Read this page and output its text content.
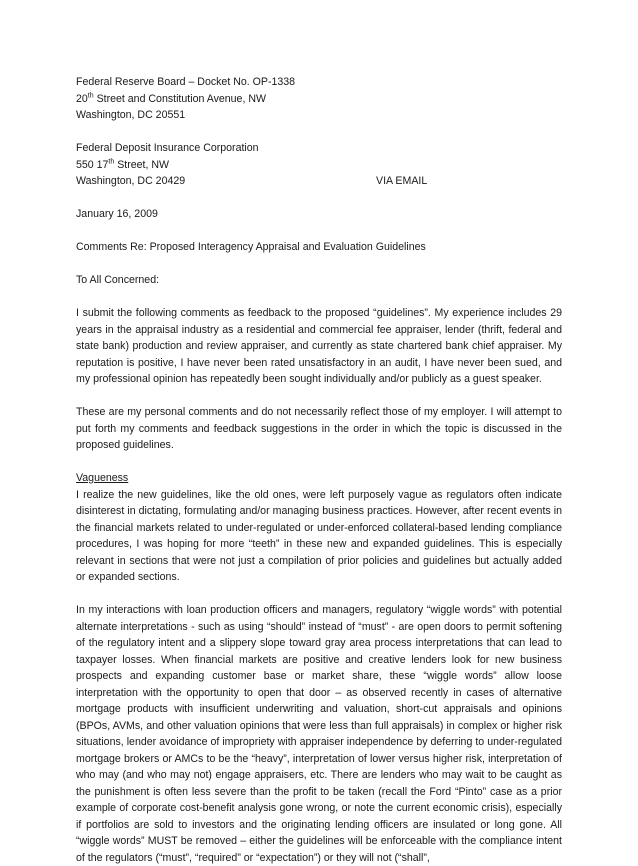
Federal Reserve Board – Docket No. OP-1338
20th Street and Constitution Avenue, NW
Washington, DC 20551
Federal Deposit Insurance Corporation
550 17th Street, NW
Washington, DC 20429	VIA EMAIL
January 16, 2009
Comments Re: Proposed Interagency Appraisal and Evaluation Guidelines
To All Concerned:

I submit the following comments as feedback to the proposed “guidelines”. My experience includes 29 years in the appraisal industry as a residential and commercial fee appraiser, lender (thrift, federal and state bank) production and review appraiser, and currently as state chartered bank chief appraiser. My reputation is positive, I have never been rated unsatisfactory in an audit, I have never been sued, and my professional opinion has repeatedly been sought individually and/or publicly as a guest speaker.

These are my personal comments and do not necessarily reflect those of my employer. I will attempt to put forth my comments and feedback suggestions in the order in which the topic is discussed in the proposed guidelines.

Vagueness

I realize the new guidelines, like the old ones, were left purposely vague as regulators often indicate disinterest in dictating, formulating and/or managing business practices. However, after recent events in the financial markets related to under-regulated or under-enforced collateral-based lending compliance procedures, I was hoping for more “teeth” in these new and expanded guidelines. This is especially relevant in sections that were not just a compilation of prior policies and guidelines but actually added or expanded sections.

In my interactions with loan production officers and managers, regulatory “wiggle words” with potential alternate interpretations - such as using “should” instead of “must” - are open doors to permit softening of the regulatory intent and a slippery slope toward gray area process interpretations that can lead to taxpayer losses. When financial markets are positive and creative lenders look for new business prospects and expanding customer base or market share, these “wiggle words” allow loose interpretation with the opportunity to open that door – as observed recently in cases of alternative mortgage products with insufficient underwriting and valuation, short-cut appraisals and opinions (BPOs, AVMs, and other valuation opinions that were less than full appraisals) in complex or higher risk situations, lender avoidance of impropriety with appraiser independence by deferring to under-regulated mortgage brokers or AMCs to be the “heavy”, interpretation of lower versus higher risk, interpretation of who may (and who may not) engage appraisers, etc. There are lenders who may wait to be caught as the punishment is often less severe than the profit to be taken (recall the Ford “Pinto” case as a prior example of corporate cost-benefit analysis gone wrong, or note the current economic crisis), especially if portfolios are sold to investors and the originating lending officers are insulated or long gone. All “wiggle words” MUST be removed – either the guidelines will be enforceable with the compliance intent of the regulators (“must”, “required” or “expectation”) or they will not (“shall”,
